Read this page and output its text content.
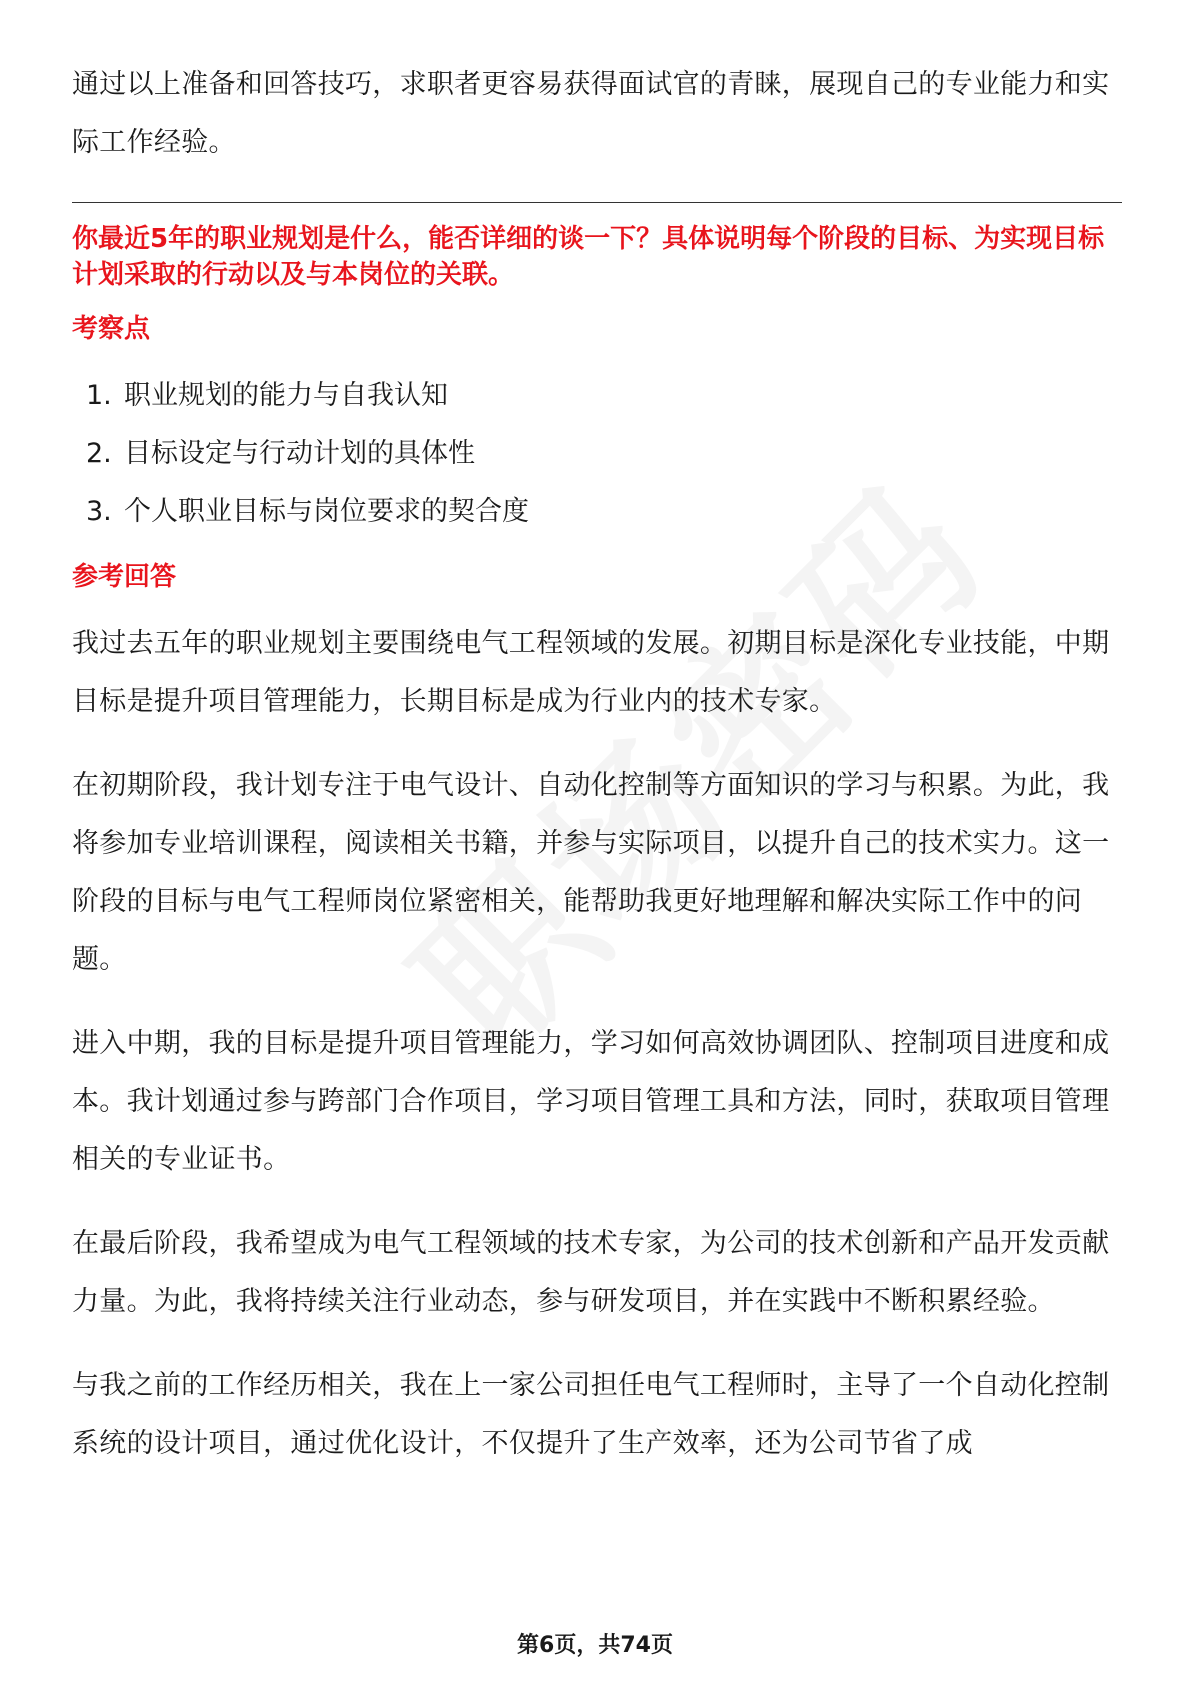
通过以上准备和回答技巧，求职者更容易获得面试官的青睐，展现自己的专业能力和实际工作经验。

你最近5年的职业规划是什么，能否详细的谈一下？具体说明每个阶段的目标、为实现目标计划采取的行动以及与本岗位的关联。

考察点
1. 职业规划的能力与自我认知
2. 目标设定与行动计划的具体性
3. 个人职业目标与岗位要求的契合度
参考回答

我过去五年的职业规划主要围绕电气工程领域的发展。初期目标是深化专业技能，中期目标是提升项目管理能力，长期目标是成为行业内的技术专家。

在初期阶段，我计划专注于电气设计、自动化控制等方面知识的学习与积累。为此，我将参加专业培训课程，阅读相关书籍，并参与实际项目，以提升自己的技术实力。这一阶段的目标与电气工程师岗位紧密相关，能帮助我更好地理解和解决实际工作中的问题。

进入中期，我的目标是提升项目管理能力，学习如何高效协调团队、控制项目进度和成本。我计划通过参与跨部门合作项目，学习项目管理工具和方法，同时，获取项目管理相关的专业证书。

在最后阶段，我希望成为电气工程领域的技术专家，为公司的技术创新和产品开发贡献力量。为此，我将持续关注行业动态，参与研发项目，并在实践中不断积累经验。

与我之前的工作经历相关，我在上一家公司担任电气工程师时，主导了一个自动化控制系统的设计项目，通过优化设计，不仅提升了生产效率，还为公司节省了成

第6页，共74页
